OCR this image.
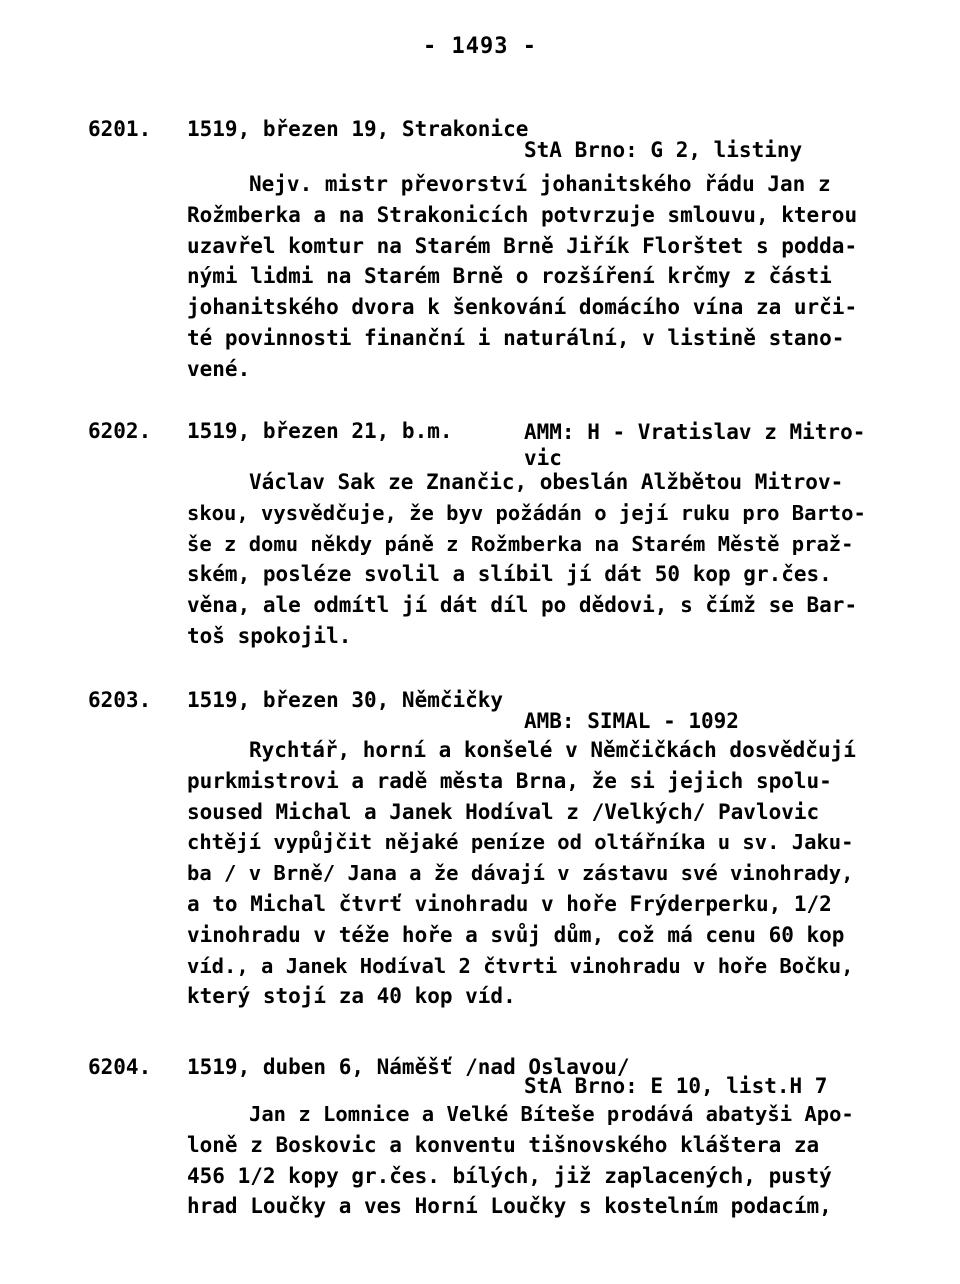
- 1493 -
6201. 1519, březen 19, Strakonice
StA Brno: G 2, listiny
Nejv. mistr převorství johanitského řádu Jan z
Rožmberka a na Strakonicích potvrzuje smlouvu, kterou
uzavřel komtur na Starém Brně Jiřík Florštet s podda-
nými lidmi na Starém Brně o rozšíření krčmy z části
johanitského dvora k šenkování domácího vína za urči-
té povinnosti finanční i naturální, v listině stano-
vené.
6202. 1519, březen 21, b.m.	AMM: H - Vratislav z Mitro-
vic
Václav Sak ze Znančic, obeslán Alžbětou Mitrov-
skou, vysvědčuje, že byv požádán o její ruku pro Barto-
še z domu někdy páně z Rožmberka na Starém Městě praž-
ském, posléze svolil a slíbil jí dát 50 kop gr.čes.
věna, ale odmítl jí dát díl po dědovi, s čímž se Bar-
toš spokojil.
6203. 1519, březen 30, Němčičky
AMB: SIMAL - 1092
Rychtář, horní a konšelé v Němčičkách dosvědčují
purkmistrovi a radě města Brna, že si jejich spolu-
soused Michal a Janek Hodíval z /Velkých/ Pavlovic
chtějí vypůjčit nějaké peníze od oltářníka u sv. Jaku-
ba / v Brně/ Jana a že dávají v zástavu své vinohrady,
a to Michal čtvrť vinohradu v hoře Frýderperku, 1/2
vinohradu v téže hoře a svůj dům, což má cenu 60 kop
víd., a Janek Hodíval 2 čtvrti vinohradu v hoře Bočku,
který stojí za 40 kop víd.
6204. 1519, duben 6, Náměšť /nad Oslavou/
StA Brno: E 10, list.H 7
Jan z Lomnice a Velké Bíteše prodává abatyši Apo-
loně z Boskovic a konventu tišnovského kláštera za
456 1/2 kopy gr.čes. bílých, již zaplacených, pustý
hrad Loučky a ves Horní Loučky s kostelním podacím,
